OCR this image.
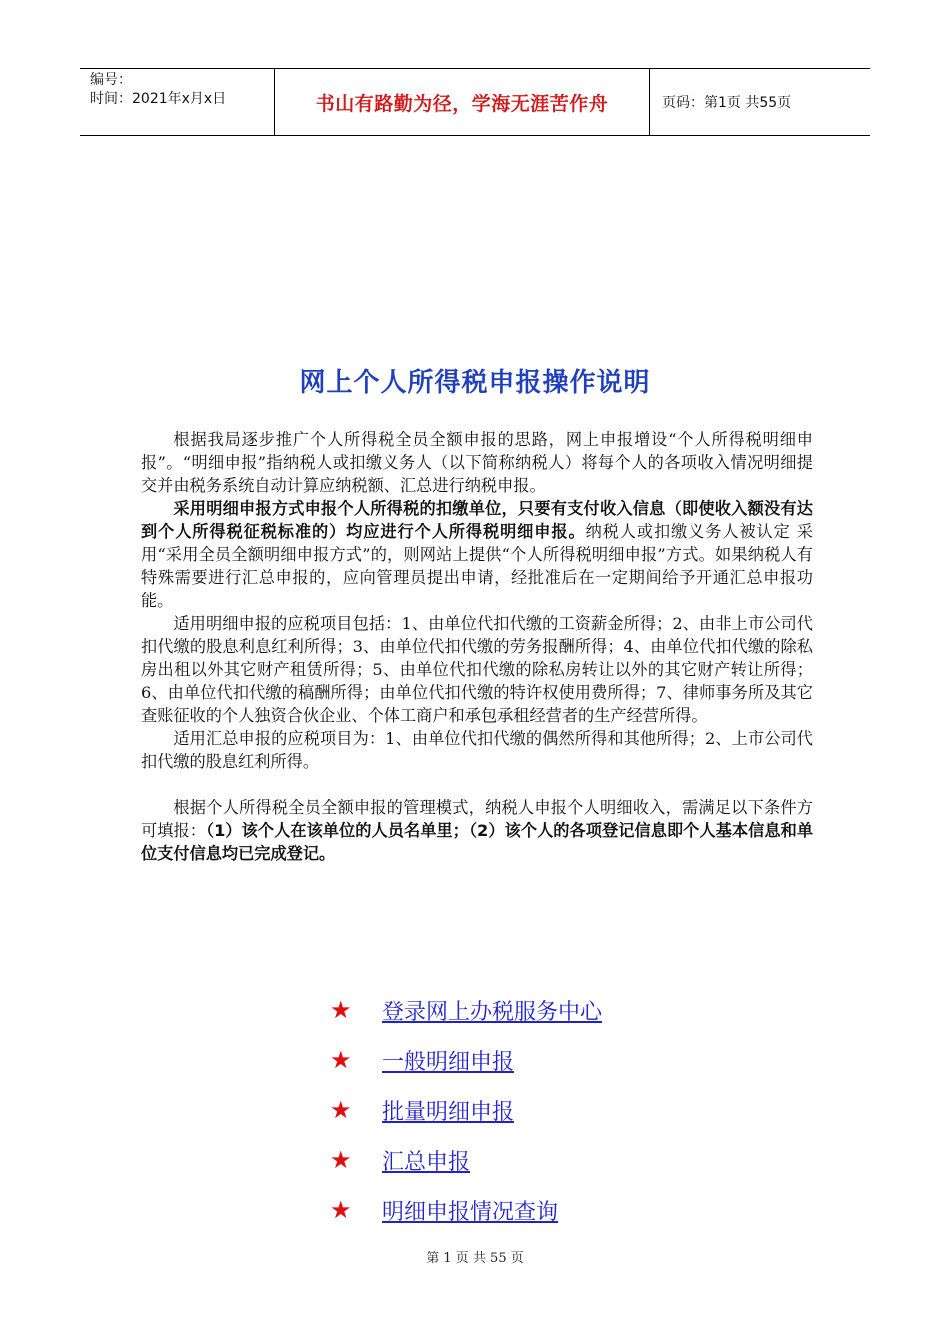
编号：
时间：2021年x月x日	书山有路勤为径，学海无涯苦作舟	页码：第1页 共55页
网上个人所得税申报操作说明

根据我局逐步推广个人所得税全员全额申报的思路，网上申报增设“个人所得税明细申报”。“明细申报”指纳税人或扣缴义务人（以下简称纳税人）将每个人的各项收入情况明细提交并由税务系统自动计算应纳税额、汇总进行纳税申报。

采用明细申报方式申报个人所得税的扣缴单位，只要有支付收入信息（即使收入额没有达到个人所得税征税标准的）均应进行个人所得税明细申报。纳税人或扣缴义务人被认定 采用“采用全员全额明细申报方式”的，则网站上提供“个人所得税明细申报”方式。如果纳税人有特殊需要进行汇总申报的，应向管理员提出申请，经批准后在一定期间给予开通汇总申报功能。

适用明细申报的应税项目包括：1、由单位代扣代缴的工资薪金所得；2、由非上市公司代扣代缴的股息利息红利所得；3、由单位代扣代缴的劳务报酬所得；4、由单位代扣代缴的除私房出租以外其它财产租赁所得；5、由单位代扣代缴的除私房转让以外的其它财产转让所得；6、由单位代扣代缴的稿酬所得；由单位代扣代缴的特许权使用费所得；7、律师事务所及其它查账征收的个人独资合伙企业、个体工商户和承包承租经营者的生产经营所得。

适用汇总申报的应税项目为：1、由单位代扣代缴的偶然所得和其他所得；2、上市公司代扣代缴的股息红利所得。

根据个人所得税全员全额申报的管理模式，纳税人申报个人明细收入，需满足以下条件方可填报：（1）该个人在该单位的人员名单里；（2）该个人的各项登记信息即个人基本信息和单位支付信息均已完成登记。

★	登录网上办税服务中心
★	一般明细申报
★	批量明细申报
★	汇总申报
★	明细申报情况查询
第 1 页 共 55 页
